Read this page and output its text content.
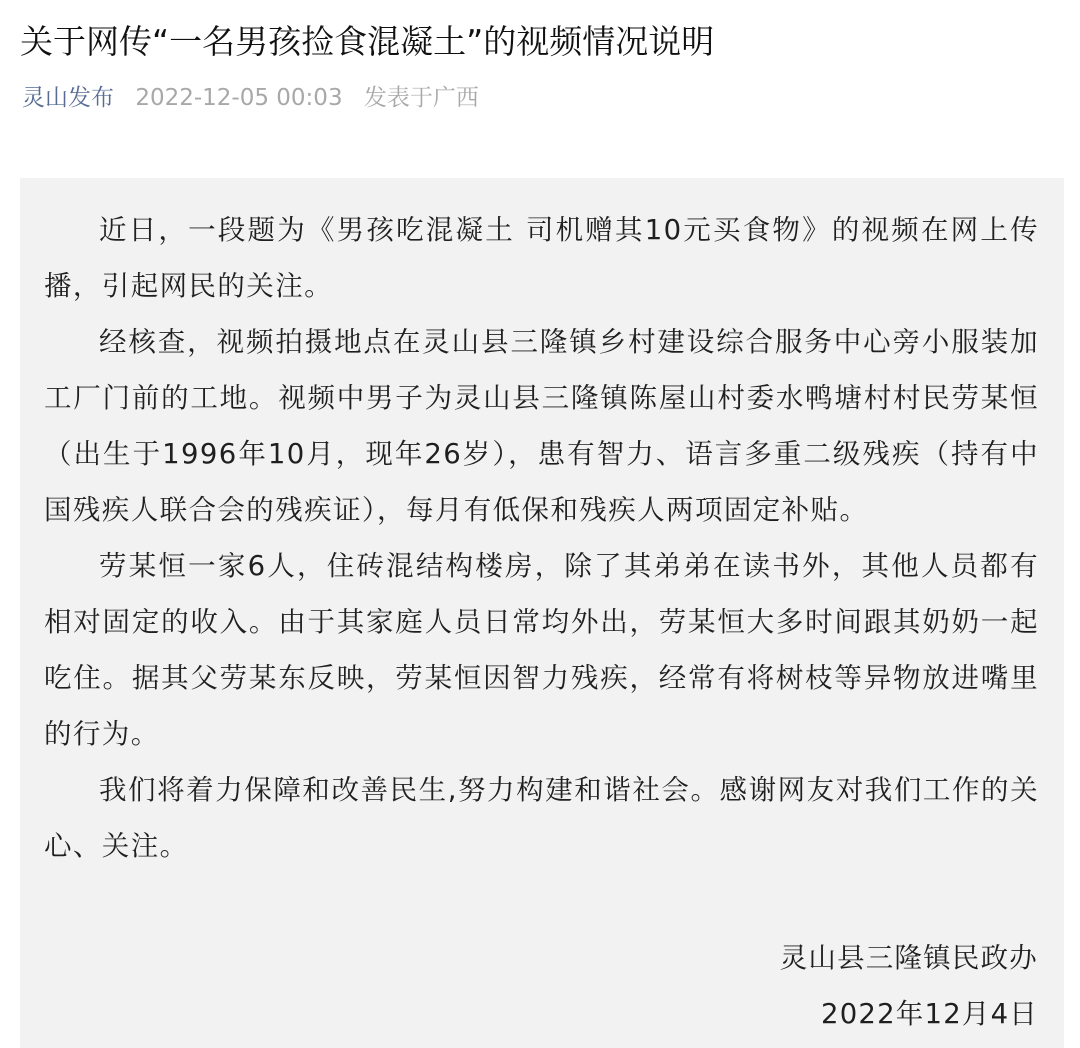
关于网传“一名男孩捡食混凝土”的视频情况说明
灵山发布 2022-12-05 00:03 发表于广西

近日，一段题为《男孩吃混凝土 司机赠其10元买食物》的视频在网上传播，引起网民的关注。

经核查，视频拍摄地点在灵山县三隆镇乡村建设综合服务中心旁小服装加工厂门前的工地。视频中男子为灵山县三隆镇陈屋山村委水鸭塘村村民劳某恒（出生于1996年10月，现年26岁），患有智力、语言多重二级残疾（持有中国残疾人联合会的残疾证），每月有低保和残疾人两项固定补贴。

劳某恒一家6人，住砖混结构楼房，除了其弟弟在读书外，其他人员都有相对固定的收入。由于其家庭人员日常均外出，劳某恒大多时间跟其奶奶一起吃住。据其父劳某东反映，劳某恒因智力残疾，经常有将树枝等异物放进嘴里的行为。

我们将着力保障和改善民生,努力构建和谐社会。感谢网友对我们工作的关心、关注。

灵山县三隆镇民政办
2022年12月4日
